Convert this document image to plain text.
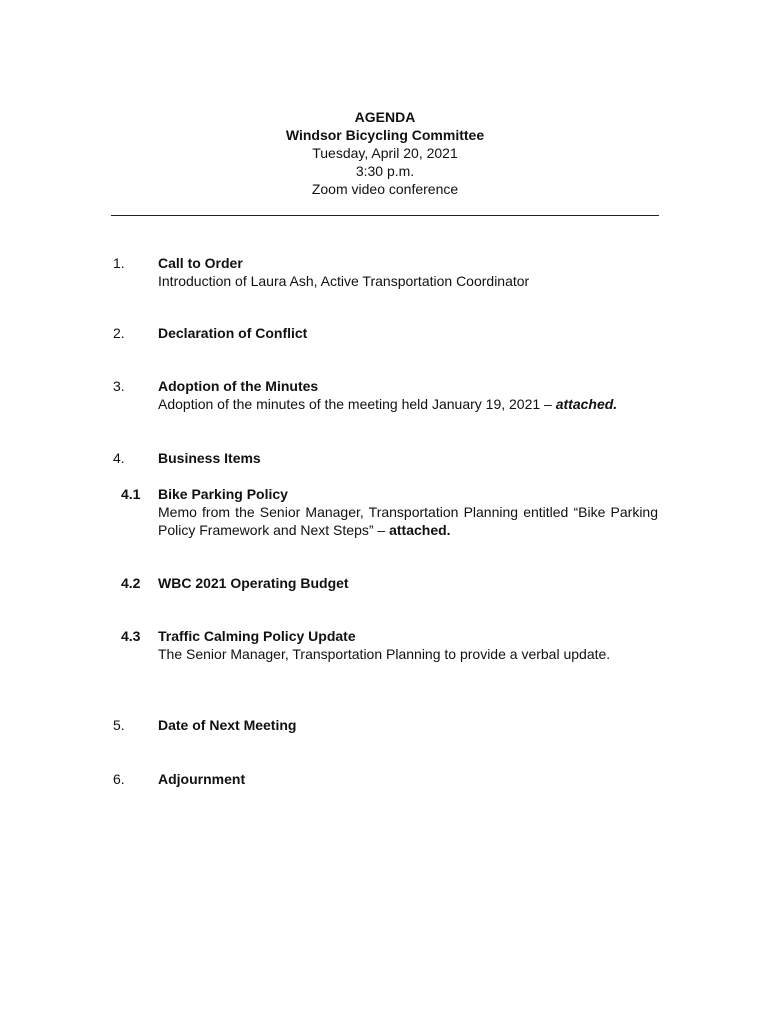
AGENDA
Windsor Bicycling Committee
Tuesday, April 20, 2021
3:30 p.m.
Zoom video conference
1.	Call to Order
Introduction of Laura Ash, Active Transportation Coordinator
2.	Declaration of Conflict
3.	Adoption of the Minutes
Adoption of the minutes of the meeting held January 19, 2021 – attached.
4.	Business Items
4.1	Bike Parking Policy
Memo from the Senior Manager, Transportation Planning entitled “Bike Parking Policy Framework and Next Steps” – attached.
4.2	WBC 2021 Operating Budget
4.3	Traffic Calming Policy Update
The Senior Manager, Transportation Planning to provide a verbal update.
5.	Date of Next Meeting
6.	Adjournment
